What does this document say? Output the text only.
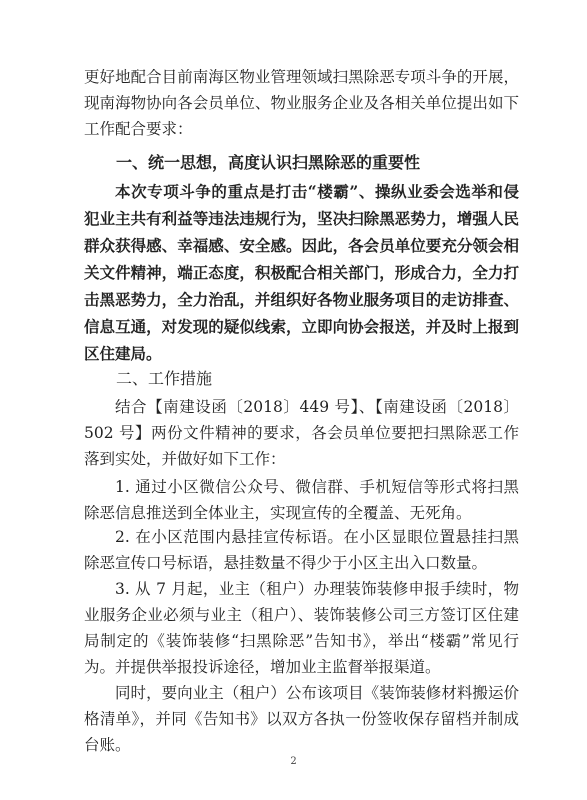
更好地配合目前南海区物业管理领域扫黑除恶专项斗争的开展，现南海物协向各会员单位、物业服务企业及各相关单位提出如下工作配合要求：

一、统一思想，高度认识扫黑除恶的重要性

本次专项斗争的重点是打击“楼霸”、操纵业委会选举和侵犯业主共有利益等违法违规行为，坚决扫除黑恶势力，增强人民群众获得感、幸福感、安全感。因此，各会员单位要充分领会相关文件精神，端正态度，积极配合相关部门，形成合力，全力打击黑恶势力，全力治乱，并组织好各物业服务项目的走访排查、信息互通，对发现的疑似线索，立即向协会报送，并及时上报到区住建局。

二、工作措施

结合【南建设函〔2018〕449 号】、【南建设函〔2018〕502 号】两份文件精神的要求，各会员单位要把扫黑除恶工作落到实处，并做好如下工作：

1. 通过小区微信公众号、微信群、手机短信等形式将扫黑除恶信息推送到全体业主，实现宣传的全覆盖、无死角。

2. 在小区范围内悬挂宣传标语。在小区显眼位置悬挂扫黑除恶宣传口号标语，悬挂数量不得少于小区主出入口数量。

3. 从 7 月起，业主（租户）办理装饰装修申报手续时，物业服务企业必须与业主（租户）、装饰装修公司三方签订区住建局制定的《装饰装修“扫黑除恶”告知书》，举出“楼霸”常见行为。并提供举报投诉途径，增加业主监督举报渠道。

同时，要向业主（租户）公布该项目《装饰装修材料搬运价格清单》，并同《告知书》以双方各执一份签收保存留档并制成台账。

2
